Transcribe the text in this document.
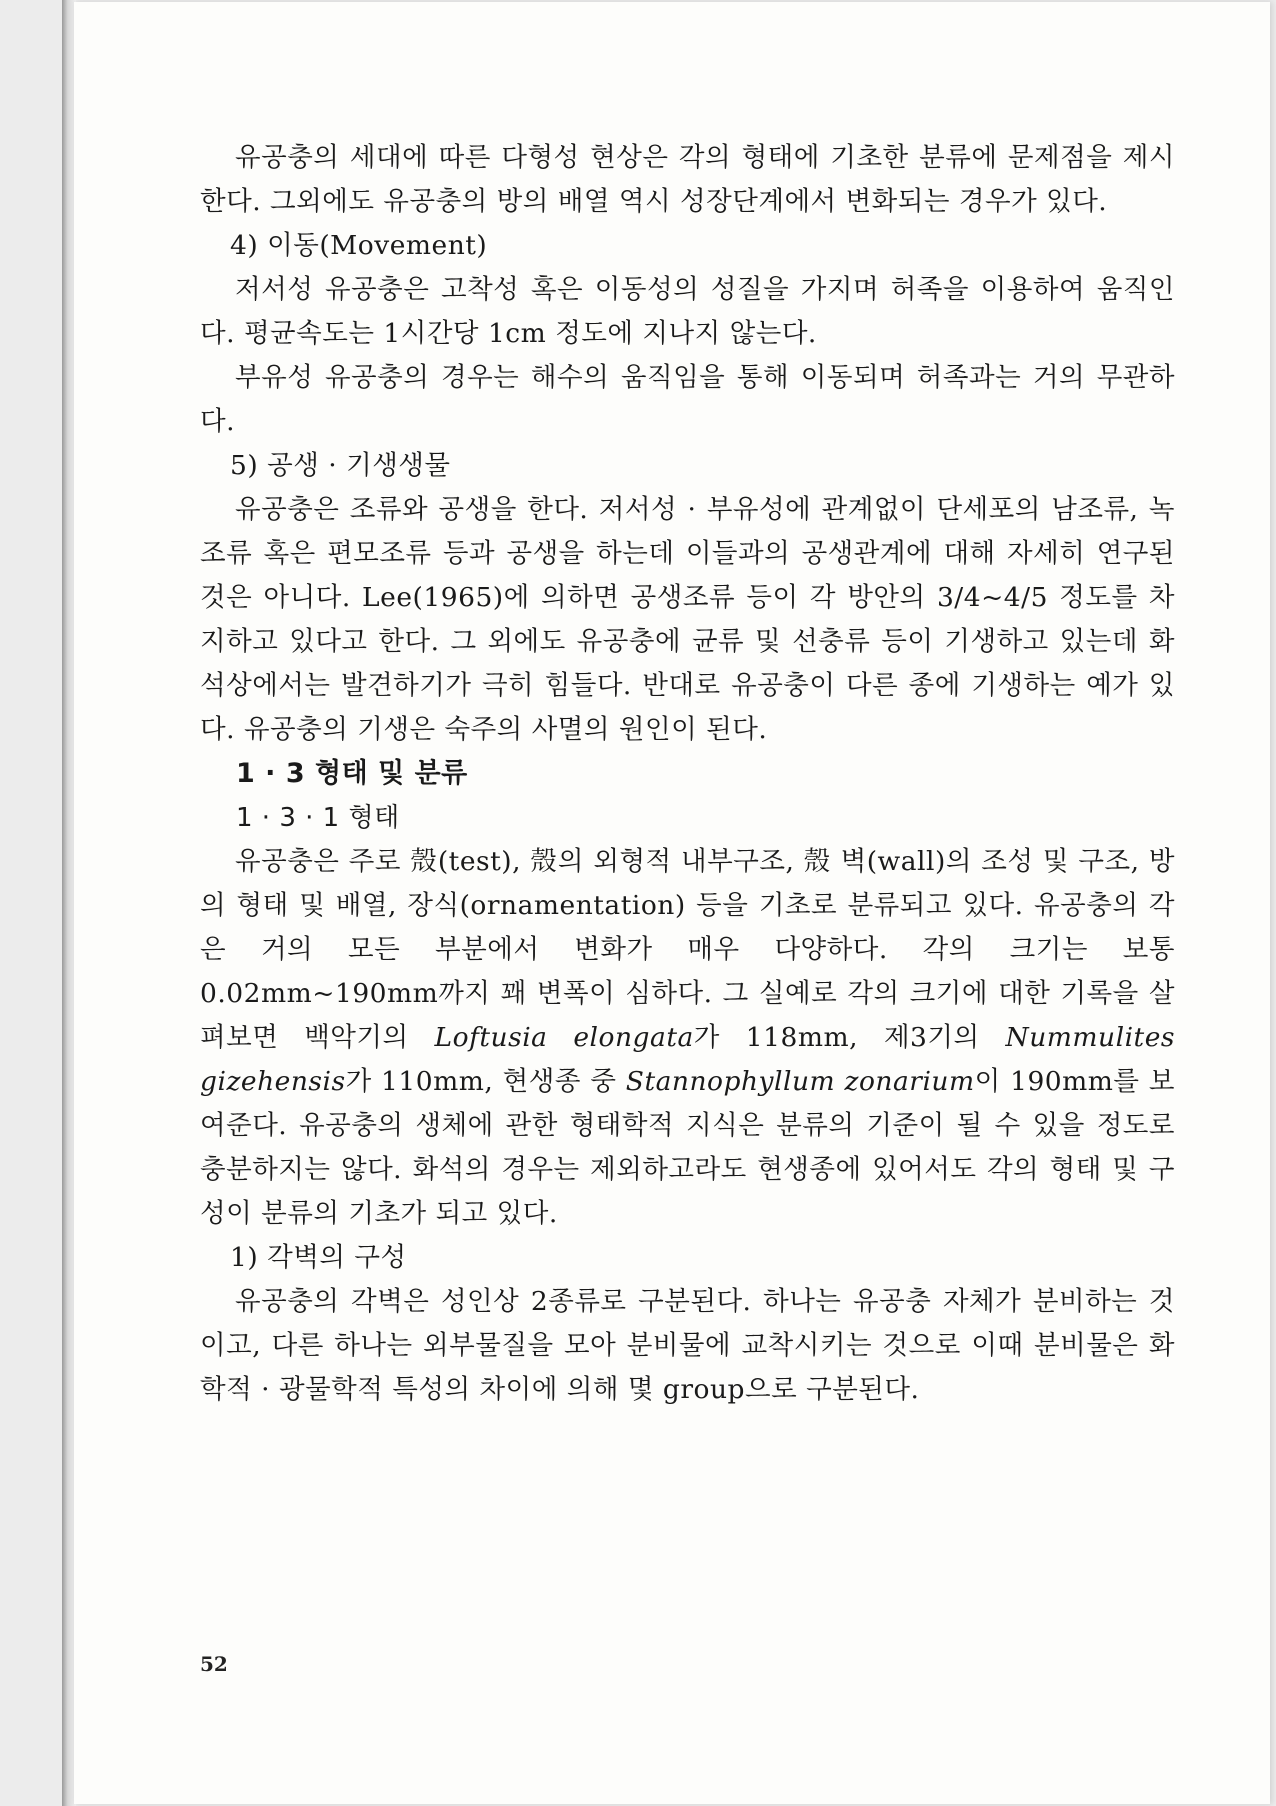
유공충의 세대에 따른 다형성 현상은 각의 형태에 기초한 분류에 문제점을 제시한다. 그외에도 유공충의 방의 배열 역시 성장단계에서 변화되는 경우가 있다.

4) 이동(Movement)

저서성 유공충은 고착성 혹은 이동성의 성질을 가지며 허족을 이용하여 움직인다. 평균속도는 1시간당 1cm 정도에 지나지 않는다.

부유성 유공충의 경우는 해수의 움직임을 통해 이동되며 허족과는 거의 무관하다.

5) 공생 · 기생생물

유공충은 조류와 공생을 한다. 저서성 · 부유성에 관계없이 단세포의 남조류, 녹조류 혹은 편모조류 등과 공생을 하는데 이들과의 공생관계에 대해 자세히 연구된 것은 아니다. Lee(1965)에 의하면 공생조류 등이 각 방안의 3/4~4/5 정도를 차지하고 있다고 한다. 그 외에도 유공충에 균류 및 선충류 등이 기생하고 있는데 화석상에서는 발견하기가 극히 힘들다. 반대로 유공충이 다른 종에 기생하는 예가 있다. 유공충의 기생은 숙주의 사멸의 원인이 된다.

1 · 3 형태 및 분류

1 · 3 · 1 형태

유공충은 주로 殼(test), 殼의 외형적 내부구조, 殼 벽(wall)의 조성 및 구조, 방의 형태 및 배열, 장식(ornamentation) 등을 기초로 분류되고 있다. 유공충의 각은 거의 모든 부분에서 변화가 매우 다양하다. 각의 크기는 보통 0.02mm~190mm까지 꽤 변폭이 심하다. 그 실예로 각의 크기에 대한 기록을 살펴보면 백악기의 Loftusia elongata가 118mm, 제3기의 Nummulites gizehensis가 110mm, 현생종 중 Stannophyllum zonarium이 190mm를 보여준다. 유공충의 생체에 관한 형태학적 지식은 분류의 기준이 될 수 있을 정도로 충분하지는 않다. 화석의 경우는 제외하고라도 현생종에 있어서도 각의 형태 및 구성이 분류의 기초가 되고 있다.

1) 각벽의 구성

유공충의 각벽은 성인상 2종류로 구분된다. 하나는 유공충 자체가 분비하는 것이고, 다른 하나는 외부물질을 모아 분비물에 교착시키는 것으로 이때 분비물은 화학적 · 광물학적 특성의 차이에 의해 몇 group으로 구분된다.

52
